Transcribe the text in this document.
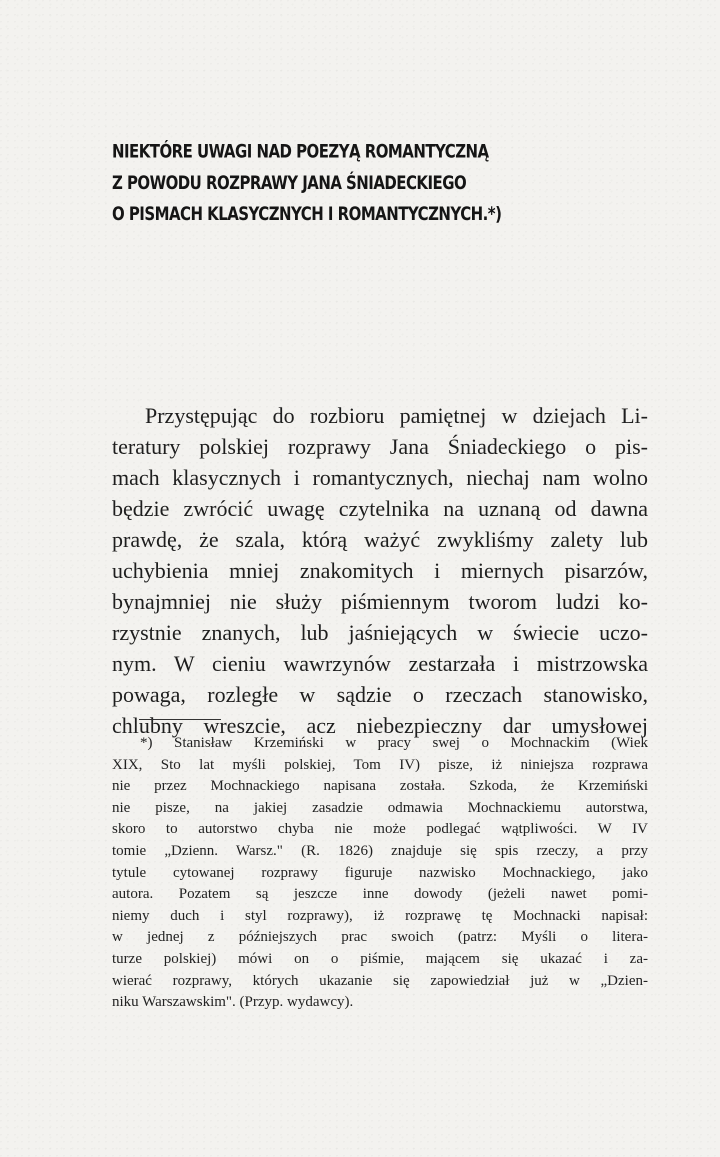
NIEKTÓRE UWAGI NAD POEZYĄ ROMANTYCZNĄ
Z POWODU ROZPRAWY JANA ŚNIADECKIEGO
O PISMACH KLASYCZNYCH I ROMANTYCZNYCH.*)
Przystępując do rozbioru pamiętnej w dziejach Li-
teratury polskiej rozprawy Jana Śniadeckiego o pis-
mach klasycznych i romantycznych, niechaj nam wolno
będzie zwrócić uwagę czytelnika na uznaną od dawna
prawdę, że szala, którą ważyć zwykliśmy zalety lub
uchybienia mniej znakomitych i miernych pisarzów,
bynajmniej nie służy piśmiennym tworom ludzi ko-
rzystnie znanych, lub jaśniejących w świecie uczo-
nym. W cieniu wawrzynów zestarzała i mistrzowska
powaga, rozległe w sądzie o rzeczach stanowisko,
chlubny wreszcie, acz niebezpieczny dar umysłowej
*) Stanisław Krzemiński w pracy swej o Mochnackim (Wiek
XIX, Sto lat myśli polskiej, Tom IV) pisze, iż niniejsza rozprawa
nie przez Mochnackiego napisana została. Szkoda, że Krzemiński
nie pisze, na jakiej zasadzie odmawia Mochnackiemu autorstwa,
skoro to autorstwo chyba nie może podlegać wątpliwości. W IV
tomie „Dzienn. Warsz." (R. 1826) znajduje się spis rzeczy, a przy
tytule cytowanej rozprawy figuruje nazwisko Mochnackiego, jako
autora. Pozatem są jeszcze inne dowody (jeżeli nawet pomi-
niemy duch i styl rozprawy), iż rozprawę tę Mochnacki napisał:
w jednej z późniejszych prac swoich (patrz: Myśli o litera-
turze polskiej) mówi on o piśmie, mającem się ukazać i za-
wierać rozprawy, których ukazanie się zapowiedział już w „Dzien-
niku Warszawskim". (Przyp. wydawcy).
